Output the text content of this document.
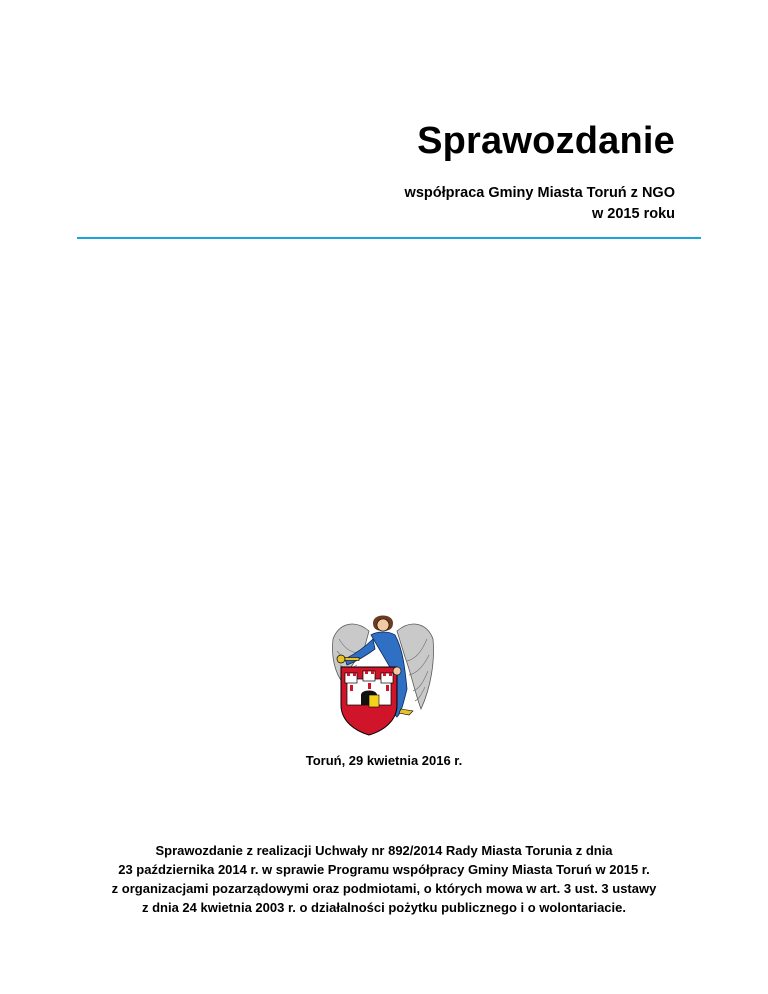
Sprawozdanie
współpraca Gminy Miasta Toruń z NGO
w 2015 roku
Toruń, 29 kwietnia 2016 r.
Sprawozdanie z realizacji Uchwały nr 892/2014 Rady Miasta Torunia z dnia
23 października 2014 r. w sprawie Programu współpracy Gminy Miasta Toruń w 2015 r.
z organizacjami pozarządowymi oraz podmiotami, o których mowa w art. 3 ust. 3 ustawy
z dnia 24 kwietnia 2003 r. o działalności pożytku publicznego i o wolontariacie.
